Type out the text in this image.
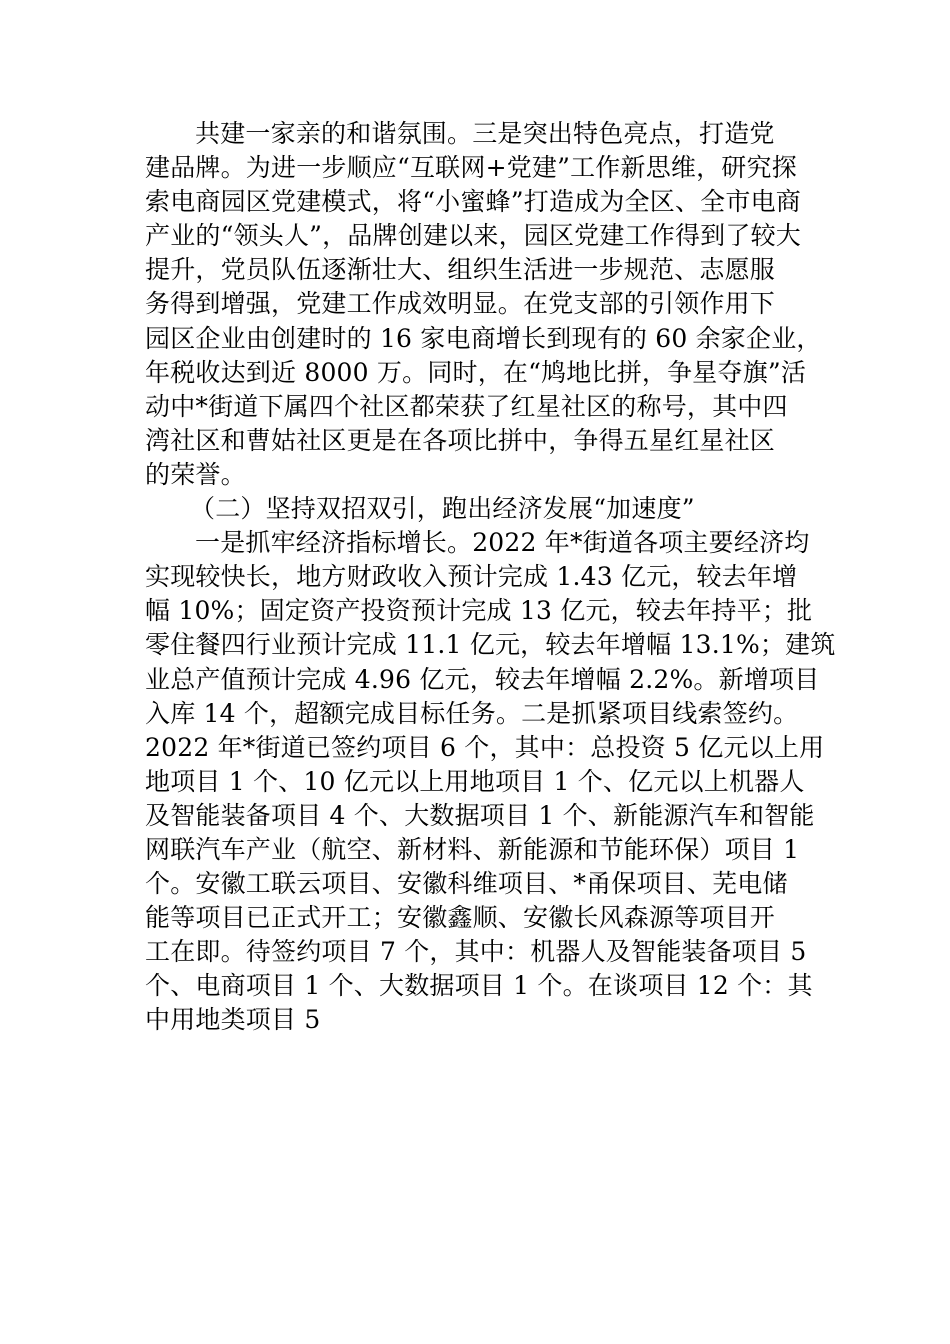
共建一家亲的和谐氛围。三是突出特色亮点，打造党
建品牌。为进一步顺应“互联网+党建”工作新思维，研究探
索电商园区党建模式，将“小蜜蜂”打造成为全区、全市电商
产业的“领头人”，品牌创建以来，园区党建工作得到了较大
提升，党员队伍逐渐壮大、组织生活进一步规范、志愿服
务得到增强，党建工作成效明显。在党支部的引领作用下
园区企业由创建时的 16 家电商增长到现有的 60 余家企业，
年税收达到近 8000 万。同时，在“鸠地比拼，争星夺旗”活
动中*街道下属四个社区都荣获了红星社区的称号，其中四
湾社区和曹姑社区更是在各项比拼中，争得五星红星社区
的荣誉。
（二）坚持双招双引，跑出经济发展“加速度”
一是抓牢经济指标增长。2022 年*街道各项主要经济均
实现较快长，地方财政收入预计完成 1.43 亿元，较去年增
幅 10%；固定资产投资预计完成 13 亿元，较去年持平；批
零住餐四行业预计完成 11.1 亿元，较去年增幅 13.1%；建筑
业总产值预计完成 4.96 亿元，较去年增幅 2.2%。新增项目
入库 14 个，超额完成目标任务。二是抓紧项目线索签约。
2022 年*街道已签约项目 6 个，其中：总投资 5 亿元以上用
地项目 1 个、10 亿元以上用地项目 1 个、亿元以上机器人
及智能装备项目 4 个、大数据项目 1 个、新能源汽车和智能
网联汽车产业（航空、新材料、新能源和节能环保）项目 1
个。安徽工联云项目、安徽科维项目、*甬保项目、芜电储
能等项目已正式开工；安徽鑫顺、安徽长风森源等项目开
工在即。待签约项目 7 个，其中：机器人及智能装备项目 5
个、电商项目 1 个、大数据项目 1 个。在谈项目 12 个：其
中用地类项目 5
